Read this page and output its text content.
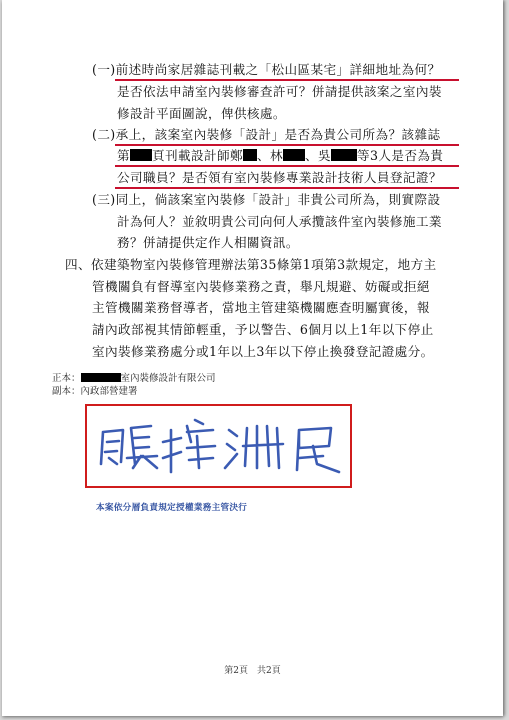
(一)前述時尚家居雜誌刊載之「松山區某宅」詳細地址為何？
是否依法申請室內裝修審查許可？併請提供該案之室內裝
修設計平面圖說，俾供核處。
(二)承上，該案室內裝修「設計」是否為貴公司所為？該雜誌
第 頁刊載設計師鄭 、林 、吳 等3人是否為貴
公司職員？是否領有室內裝修專業設計技術人員登記證？
(三)同上，倘該案室內裝修「設計」非貴公司所為，則實際設
計為何人？並敘明貴公司向何人承攬該件室內裝修施工業
務？併請提供定作人相關資訊。
四、依建築物室內裝修管理辦法第35條第1項第3款規定，地方主
管機關負有督導室內裝修業務之責，舉凡規避、妨礙或拒絕
主管機關業務督導者，當地主管建築機關應查明屬實後，報
請內政部視其情節輕重，予以警告、6個月以上1年以下停止
室內裝修業務處分或1年以上3年以下停止換發登記證處分。
正本：	室內裝修設計有限公司
副本：內政部營建署
本案依分層負責規定授權業務主管決行
第2頁　共2頁
